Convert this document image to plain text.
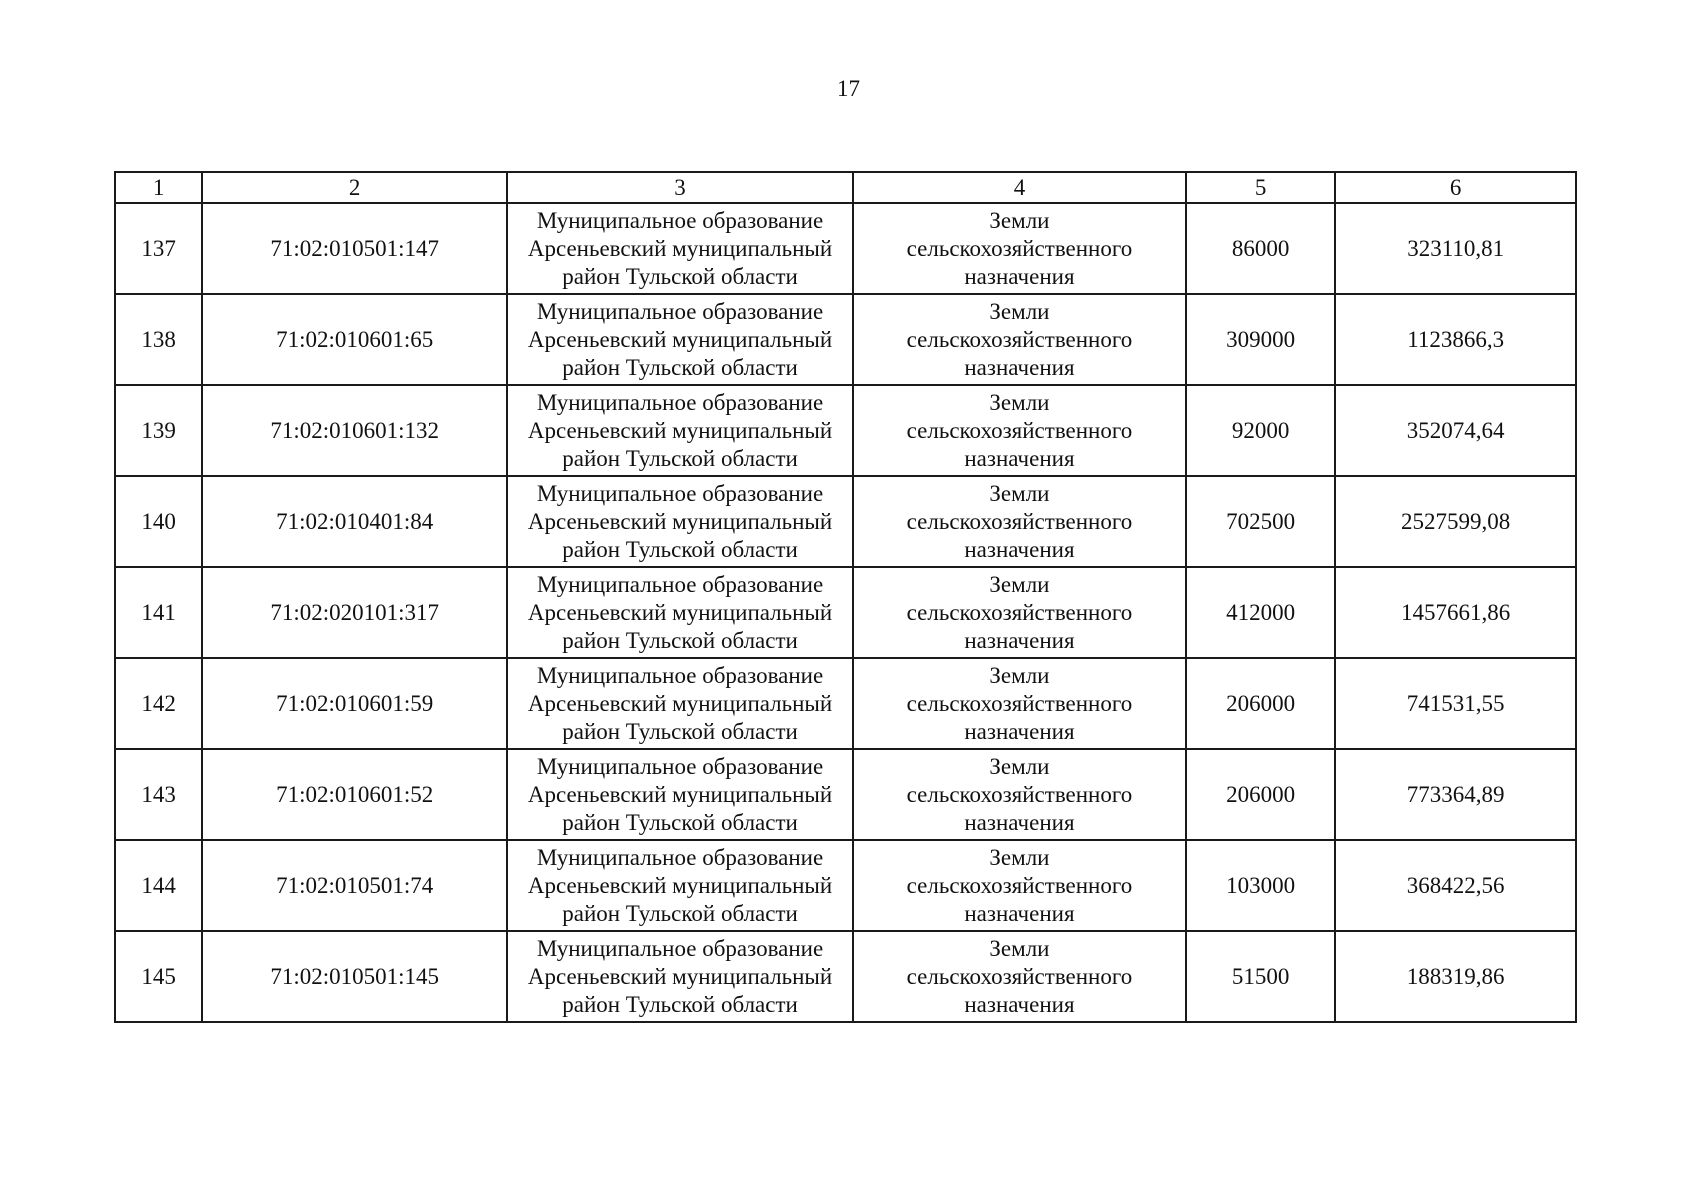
17
1	2	3	4	5	6
137	71:02:010501:147	Муниципальное образование
Арсеньевский муниципальный
район Тульской области	Земли
сельскохозяйственного
назначения	86000	323110,81
138	71:02:010601:65	Муниципальное образование
Арсеньевский муниципальный
район Тульской области	Земли
сельскохозяйственного
назначения	309000	1123866,3
139	71:02:010601:132	Муниципальное образование
Арсеньевский муниципальный
район Тульской области	Земли
сельскохозяйственного
назначения	92000	352074,64
140	71:02:010401:84	Муниципальное образование
Арсеньевский муниципальный
район Тульской области	Земли
сельскохозяйственного
назначения	702500	2527599,08
141	71:02:020101:317	Муниципальное образование
Арсеньевский муниципальный
район Тульской области	Земли
сельскохозяйственного
назначения	412000	1457661,86
142	71:02:010601:59	Муниципальное образование
Арсеньевский муниципальный
район Тульской области	Земли
сельскохозяйственного
назначения	206000	741531,55
143	71:02:010601:52	Муниципальное образование
Арсеньевский муниципальный
район Тульской области	Земли
сельскохозяйственного
назначения	206000	773364,89
144	71:02:010501:74	Муниципальное образование
Арсеньевский муниципальный
район Тульской области	Земли
сельскохозяйственного
назначения	103000	368422,56
145	71:02:010501:145	Муниципальное образование
Арсеньевский муниципальный
район Тульской области	Земли
сельскохозяйственного
назначения	51500	188319,86
